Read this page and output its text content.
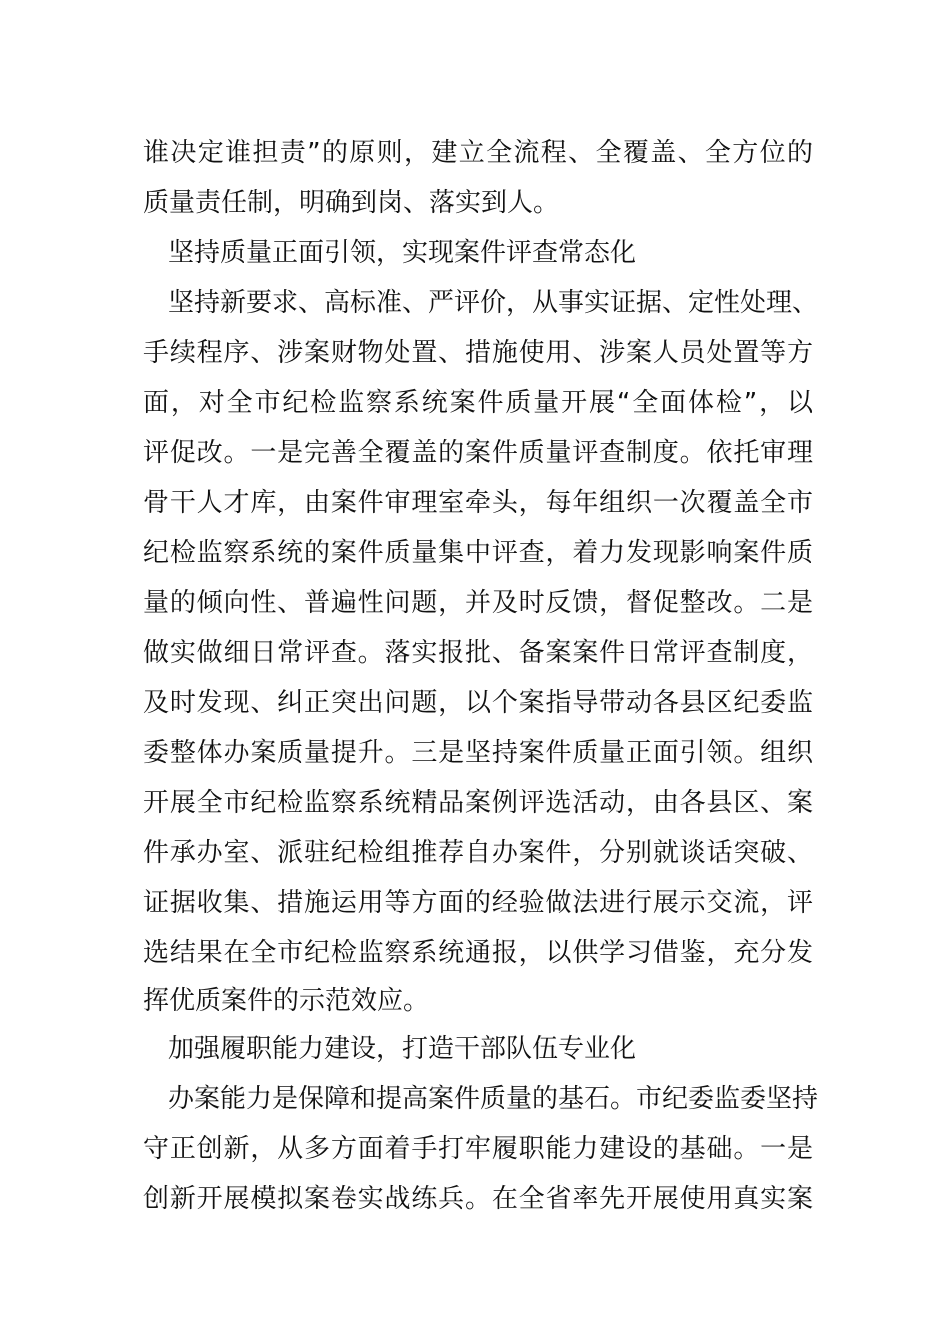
谁决定谁担责”的原则，建立全流程、全覆盖、全方位的

质量责任制，明确到岗、落实到人。

坚持质量正面引领，实现案件评查常态化

坚持新要求、高标准、严评价，从事实证据、定性处理、

手续程序、涉案财物处置、措施使用、涉案人员处置等方

面，对全市纪检监察系统案件质量开展“全面体检”，以

评促改。一是完善全覆盖的案件质量评查制度。依托审理

骨干人才库，由案件审理室牵头，每年组织一次覆盖全市

纪检监察系统的案件质量集中评查，着力发现影响案件质

量的倾向性、普遍性问题，并及时反馈，督促整改。二是

做实做细日常评查。落实报批、备案案件日常评查制度，

及时发现、纠正突出问题，以个案指导带动各县区纪委监

委整体办案质量提升。三是坚持案件质量正面引领。组织

开展全市纪检监察系统精品案例评选活动，由各县区、案

件承办室、派驻纪检组推荐自办案件，分别就谈话突破、

证据收集、措施运用等方面的经验做法进行展示交流，评

选结果在全市纪检监察系统通报，以供学习借鉴，充分发

挥优质案件的示范效应。

加强履职能力建设，打造干部队伍专业化

办案能力是保障和提高案件质量的基石。市纪委监委坚持

守正创新，从多方面着手打牢履职能力建设的基础。一是

创新开展模拟案卷实战练兵。在全省率先开展使用真实案
